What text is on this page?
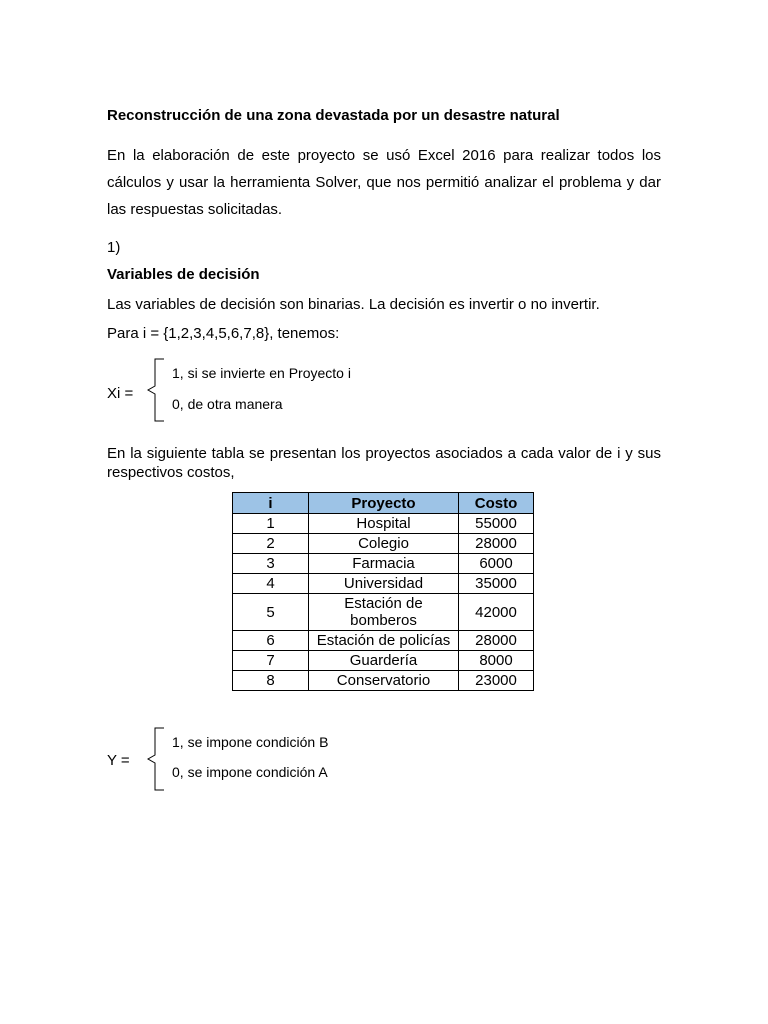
Reconstrucción de una zona devastada por un desastre natural
En la elaboración de este proyecto se usó Excel 2016 para realizar todos los cálculos y usar la herramienta Solver, que nos permitió analizar el problema y dar las respuestas solicitadas.
1)
Variables de decisión
Las variables de decisión son binarias. La decisión es invertir o no invertir.
Para i = {1,2,3,4,5,6,7,8}, tenemos:
Xi =
1, si se invierte en Proyecto i
0, de otra manera
En la siguiente tabla se presentan los proyectos asociados a cada valor de i y sus respectivos costos,
i	Proyecto	Costo
1	Hospital	55000
2	Colegio	28000
3	Farmacia	6000
4	Universidad	35000
5	Estación de bomberos	42000
6	Estación de policías	28000
7	Guardería	8000
8	Conservatorio	23000
Y =
1, se impone condición B
0, se impone condición A
